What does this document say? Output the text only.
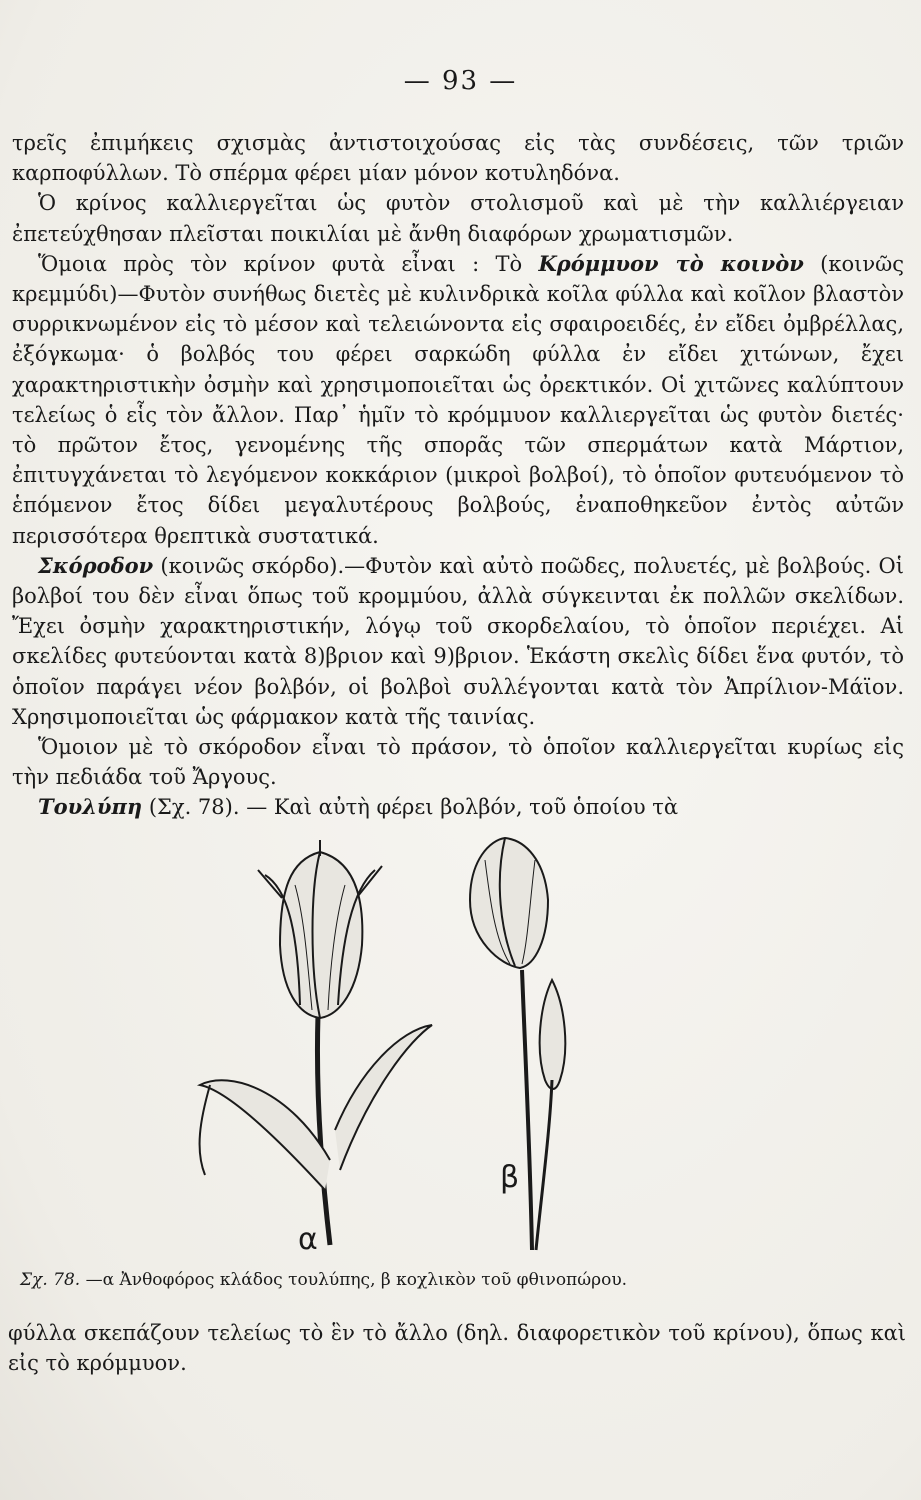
— 93 —

τρεῖς ἐπιμήκεις σχισμὰς ἀντιστοιχούσας εἰς τὰς συνδέσεις, τῶν τριῶν καρποφύλλων. Τὸ σπέρμα φέρει μίαν μόνον κοτυληδόνα.

Ὁ κρίνος καλλιεργεῖται ὡς φυτὸν στολισμοῦ καὶ μὲ τὴν καλλιέργειαν ἐπετεύχθησαν πλεῖσται ποικιλίαι μὲ ἄνθη διαφόρων χρωματισμῶν.

Ὅμοια πρὸς τὸν κρίνον φυτὰ εἶναι : Τὸ Κρόμμυον τὸ κοινὸν (κοινῶς κρεμμύδι)—Φυτὸν συνήθως διετὲς μὲ κυλινδρικὰ κοῖλα φύλλα καὶ κοῖλον βλαστὸν συρρικνωμένον εἰς τὸ μέσον καὶ τελειώνοντα εἰς σφαιροειδές, ἐν εἴδει ὀμβρέλλας, ἐξόγκωμα· ὁ βολβός του φέρει σαρκώδη φύλλα ἐν εἴδει χιτώνων, ἔχει χαρακτηριστικὴν ὀσμὴν καὶ χρησιμοποιεῖται ὡς ὀρεκτικόν. Οἱ χιτῶνες καλύπτουν τελείως ὁ εἷς τὸν ἄλλον. Παρ᾽ ἡμῖν τὸ κρόμμυον καλλιεργεῖται ὡς φυτὸν διετές· τὸ πρῶτον ἔτος, γενομένης τῆς σπορᾶς τῶν σπερμάτων κατὰ Μάρτιον, ἐπιτυγχάνεται τὸ λεγόμενον κοκκάριον (μικροὶ βολβοί), τὸ ὁποῖον φυτευόμενον τὸ ἑπόμενον ἔτος δίδει μεγαλυτέρους βολβούς, ἐναποθηκεῦον ἐντὸς αὐτῶν περισσότερα θρεπτικὰ συστατικά.

Σκόροδον (κοινῶς σκόρδο).—Φυτὸν καὶ αὐτὸ ποῶδες, πολυετές, μὲ βολβούς. Οἱ βολβοί του δὲν εἶναι ὅπως τοῦ κρομμύου, ἀλλὰ σύγκεινται ἐκ πολλῶν σκελίδων. Ἔχει ὀσμὴν χαρακτηριστικήν, λόγῳ τοῦ σκορδελαίου, τὸ ὁποῖον περιέχει. Αἱ σκελίδες φυτεύονται κατὰ 8)βριον καὶ 9)βριον. Ἑκάστη σκελὶς δίδει ἕνα φυτόν, τὸ ὁποῖον παράγει νέον βολβόν, οἱ βολβοὶ συλλέγονται κατὰ τὸν Ἀπρίλιον-Μάϊον. Χρησιμοποιεῖται ὡς φάρμακον κατὰ τῆς ταινίας.

Ὅμοιον μὲ τὸ σκόροδον εἶναι τὸ πράσον, τὸ ὁποῖον καλλιεργεῖται κυρίως εἰς τὴν πεδιάδα τοῦ Ἄργους.

Τουλύπη (Σχ. 78). — Καὶ αὐτὴ φέρει βολβόν, τοῦ ὁποίου τὰ

α
β
Σχ. 78. —α Ἀνθοφόρος κλάδος τουλύπης, β κοχλικὸν τοῦ φθινοπώρου.

φύλλα σκεπάζουν τελείως τὸ ἓν τὸ ἄλλο (δηλ. διαφορετικὸν τοῦ κρίνου), ὅπως καὶ εἰς τὸ κρόμμυον.
